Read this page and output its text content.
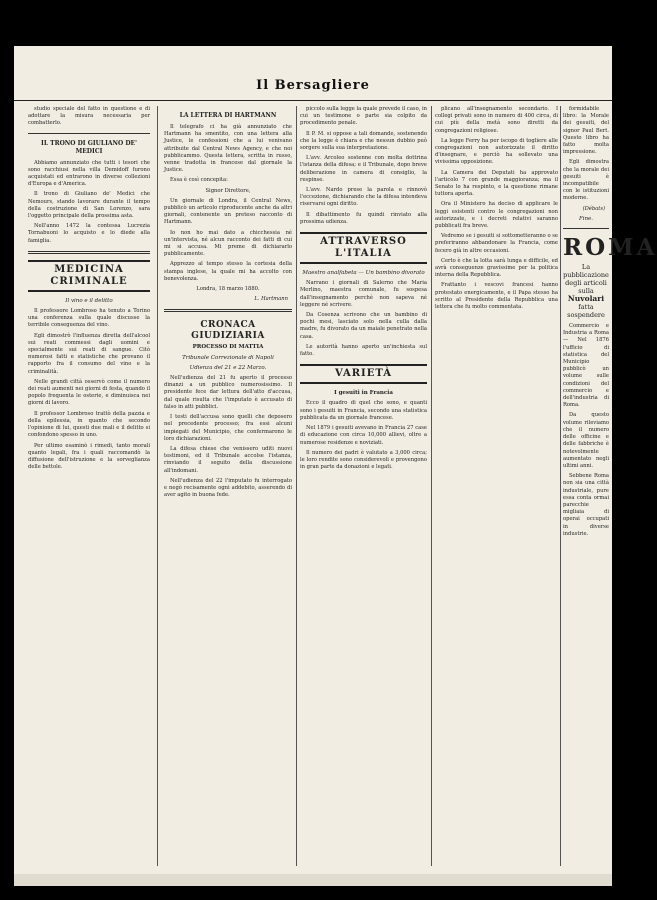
Il Bersagliere

studio speciale del fatto in questione e di adottare la misura necessaria per combatterlo.

IL TRONO DI GIULIANO DE' MEDICI

Abbiamo annunziato che tutti i tesori che sono racchiusi nella villa Demidoff furono acquistati ed entrarono in diverse collezioni d'Europa e d'America.

Il trono di Giuliano de' Medici che Nemours, stando lavorare durante il tempo della costruzione di San Lorenzo, sara l'oggetto principale della prossima asta.

Nell'anno 1472 la contessa Lucrezia Tornabuoni lo acquisto e lo diede alla famiglia.

MEDICINA CRIMINALE
Il vino e il delitto

Il professore Lombroso ha tenuto a Torino una conferenza sulla quale discusse la terribile conseguenza del vino.

Egli dimostrò l'influenza diretta dell'alcool sui reati commessi dagli uomini e specialmente sui reati di sangue. Citò numerosi fatti e statistiche che provano il rapporto fra il consumo del vino e la criminalità.

Nelle grandi città osservò come il numero dei reati aumenti nei giorni di festa, quando il popolo frequenta le osterie, e diminuisca nei giorni di lavoro.

Il professor Lombroso trattò della pazzia e della epilessia, in quanto che secondo l'opinione di lui, questi due mali e il delitto si confondono spesso in uno.

Per ultimo esaminò i rimedi, tanto morali quanto legali, fra i quali raccomandò la diffusione dell'istruzione e la sorveglianza delle bettole.

LA LETTERA DI HARTMANN

Il telegrafo ci ha già annunziato che Hartmann ha smentito, con una lettera alla Justice, le confessioni che a lui venivano attribuite dal Central News Agency, e che noi pubblicammo. Questa lettera, scritta in russo, venne tradotta in francese dal giornale la Justice.

Essa è così concepita:

Signor Direttore,

Un giornale di Londra, il Central News, pubblicò un articolo riproducente anche da altri giornali, contenente un preteso racconto di Hartmann.

Io non ho mai dato a chicchessia né un'intervista, né alcun racconto dei fatti di cui mi si accusa. Mi preme di dichiararlo pubblicamente.

Apprezzo al tempo stesso la cortesia della stampa inglese, la quale mi ha accolto con benevolenza.

Londra, 18 marzo 1880.

L. Hartmann
CRONACA GIUDIZIARIA
PROCESSO DI MATTIA
Tribunale Correzionale di Napoli
Udienza del 21 e 22 Marzo.

Nell'udienza del 21 fu aperto il processo dinanzi a un pubblico numerosissimo. Il presidente fece dar lettura dell'atto d'accusa, dal quale risulta che l'imputato è accusato di falso in atti pubblici.

I testi dell'accusa sono quelli che deposero nel precedente processo; fra essi alcuni impiegati del Municipio, che confermarono le loro dichiarazioni.

La difesa chiese che venissero uditi nuovi testimoni, ed il Tribunale accolse l'istanza, rinviando il seguito della discussione all'indomani.

Nell'udienza del 22 l'imputato fu interrogato e negò recisamente ogni addebito, asserendo di aver agito in buona fede.

piccolo sulla legge la quale prevede il caso, in cui un testimone o parte sia colpito da procedimento penale.

Il P. M. si oppose a tali domande, sostenendo che la legge è chiara e che nessun dubbio può sorgere sulla sua interpretazione.

L'avv. Arcoleo sostenne con molta dottrina l'istanza della difesa; e il Tribunale, dopo breve deliberazione in camera di consiglio, la respinse.

L'avv. Nardo prese la parola e rinnovò l'eccezione, dichiarando che la difesa intendeva riservarsi ogni diritto.

Il dibattimento fu quindi rinviato alla prossima udienza.

ATTRAVERSO L'ITALIA
Maestro analfabeta — Un bambino divorato

Narrano i giornali di Salerno che Maria Merlino, maestra comunale, fu sospesa dall'insegnamento perché non sapeva né leggere né scrivere.

Da Cosenza scrivono che un bambino di pochi mesi, lasciato solo nella culla dalla madre, fu divorato da un maiale penetrato nella casa.

Le autorità hanno aperto un'inchiesta sul fatto.

VARIETÀ
I gesuiti in Francia

Ecco il quadro di quel che sono, e quanti sono i gesuiti in Francia, secondo una statistica pubblicata da un giornale francese.

Nel 1879 i gesuiti avevano in Francia 27 case di educazione con circa 10,000 allievi, oltre a numerose residenze e noviziati.

Il numero dei padri è valutato a 3,000 circa; le loro rendite sono considerevoli e provengono in gran parte da donazioni e legati.

plicano all'insegnamento secondario. I collegi privati sono in numero di 400 circa, di cui più della metà sono diretti da congregazioni religiose.

La legge Ferry ha per iscopo di togliere alle congregazioni non autorizzate il diritto d'insegnare, e perciò ha sollevato una vivissima opposizione.

La Camera dei Deputati ha approvato l'articolo 7 con grande maggioranza; ma il Senato lo ha respinto, e la questione rimane tuttora aperta.

Ora il Ministero ha deciso di applicare le leggi esistenti contro le congregazioni non autorizzate, e i decreti relativi saranno pubblicati fra breve.

Vedremo se i gesuiti si sottometteranno o se preferiranno abbandonare la Francia, come fecero già in altre occasioni.

Certo è che la lotta sarà lunga e difficile, ed avrà conseguenze gravissime per la politica interna della Repubblica.

Frattanto i vescovi francesi hanno protestato energicamente, e il Papa stesso ha scritto al Presidente della Repubblica una lettera che fu molto commentata.

formidabile libro: la Morale dei gesuiti, del signor Paul Bert. Questo libro ha fatto molta impressione.

Egli dimostra che la morale dei gesuiti è incompatibile con le istituzioni moderne.

(Débats)
Fine.
ROMA
La pubblicazione degli articoli sulla Nuvolari fatta sospendere

Commercio e Industria a Roma — Nel 1876 l'ufficio di statistica del Municipio pubblicò un volume sulle condizioni del commercio e dell'industria di Roma.

Da questo volume rileviamo che il numero delle officine e delle fabbriche è notevolmente aumentato negli ultimi anni.

Sebbene Roma non sia una città industriale, pure essa conta ormai parecchie migliaia di operai occupati in diverse industrie.
